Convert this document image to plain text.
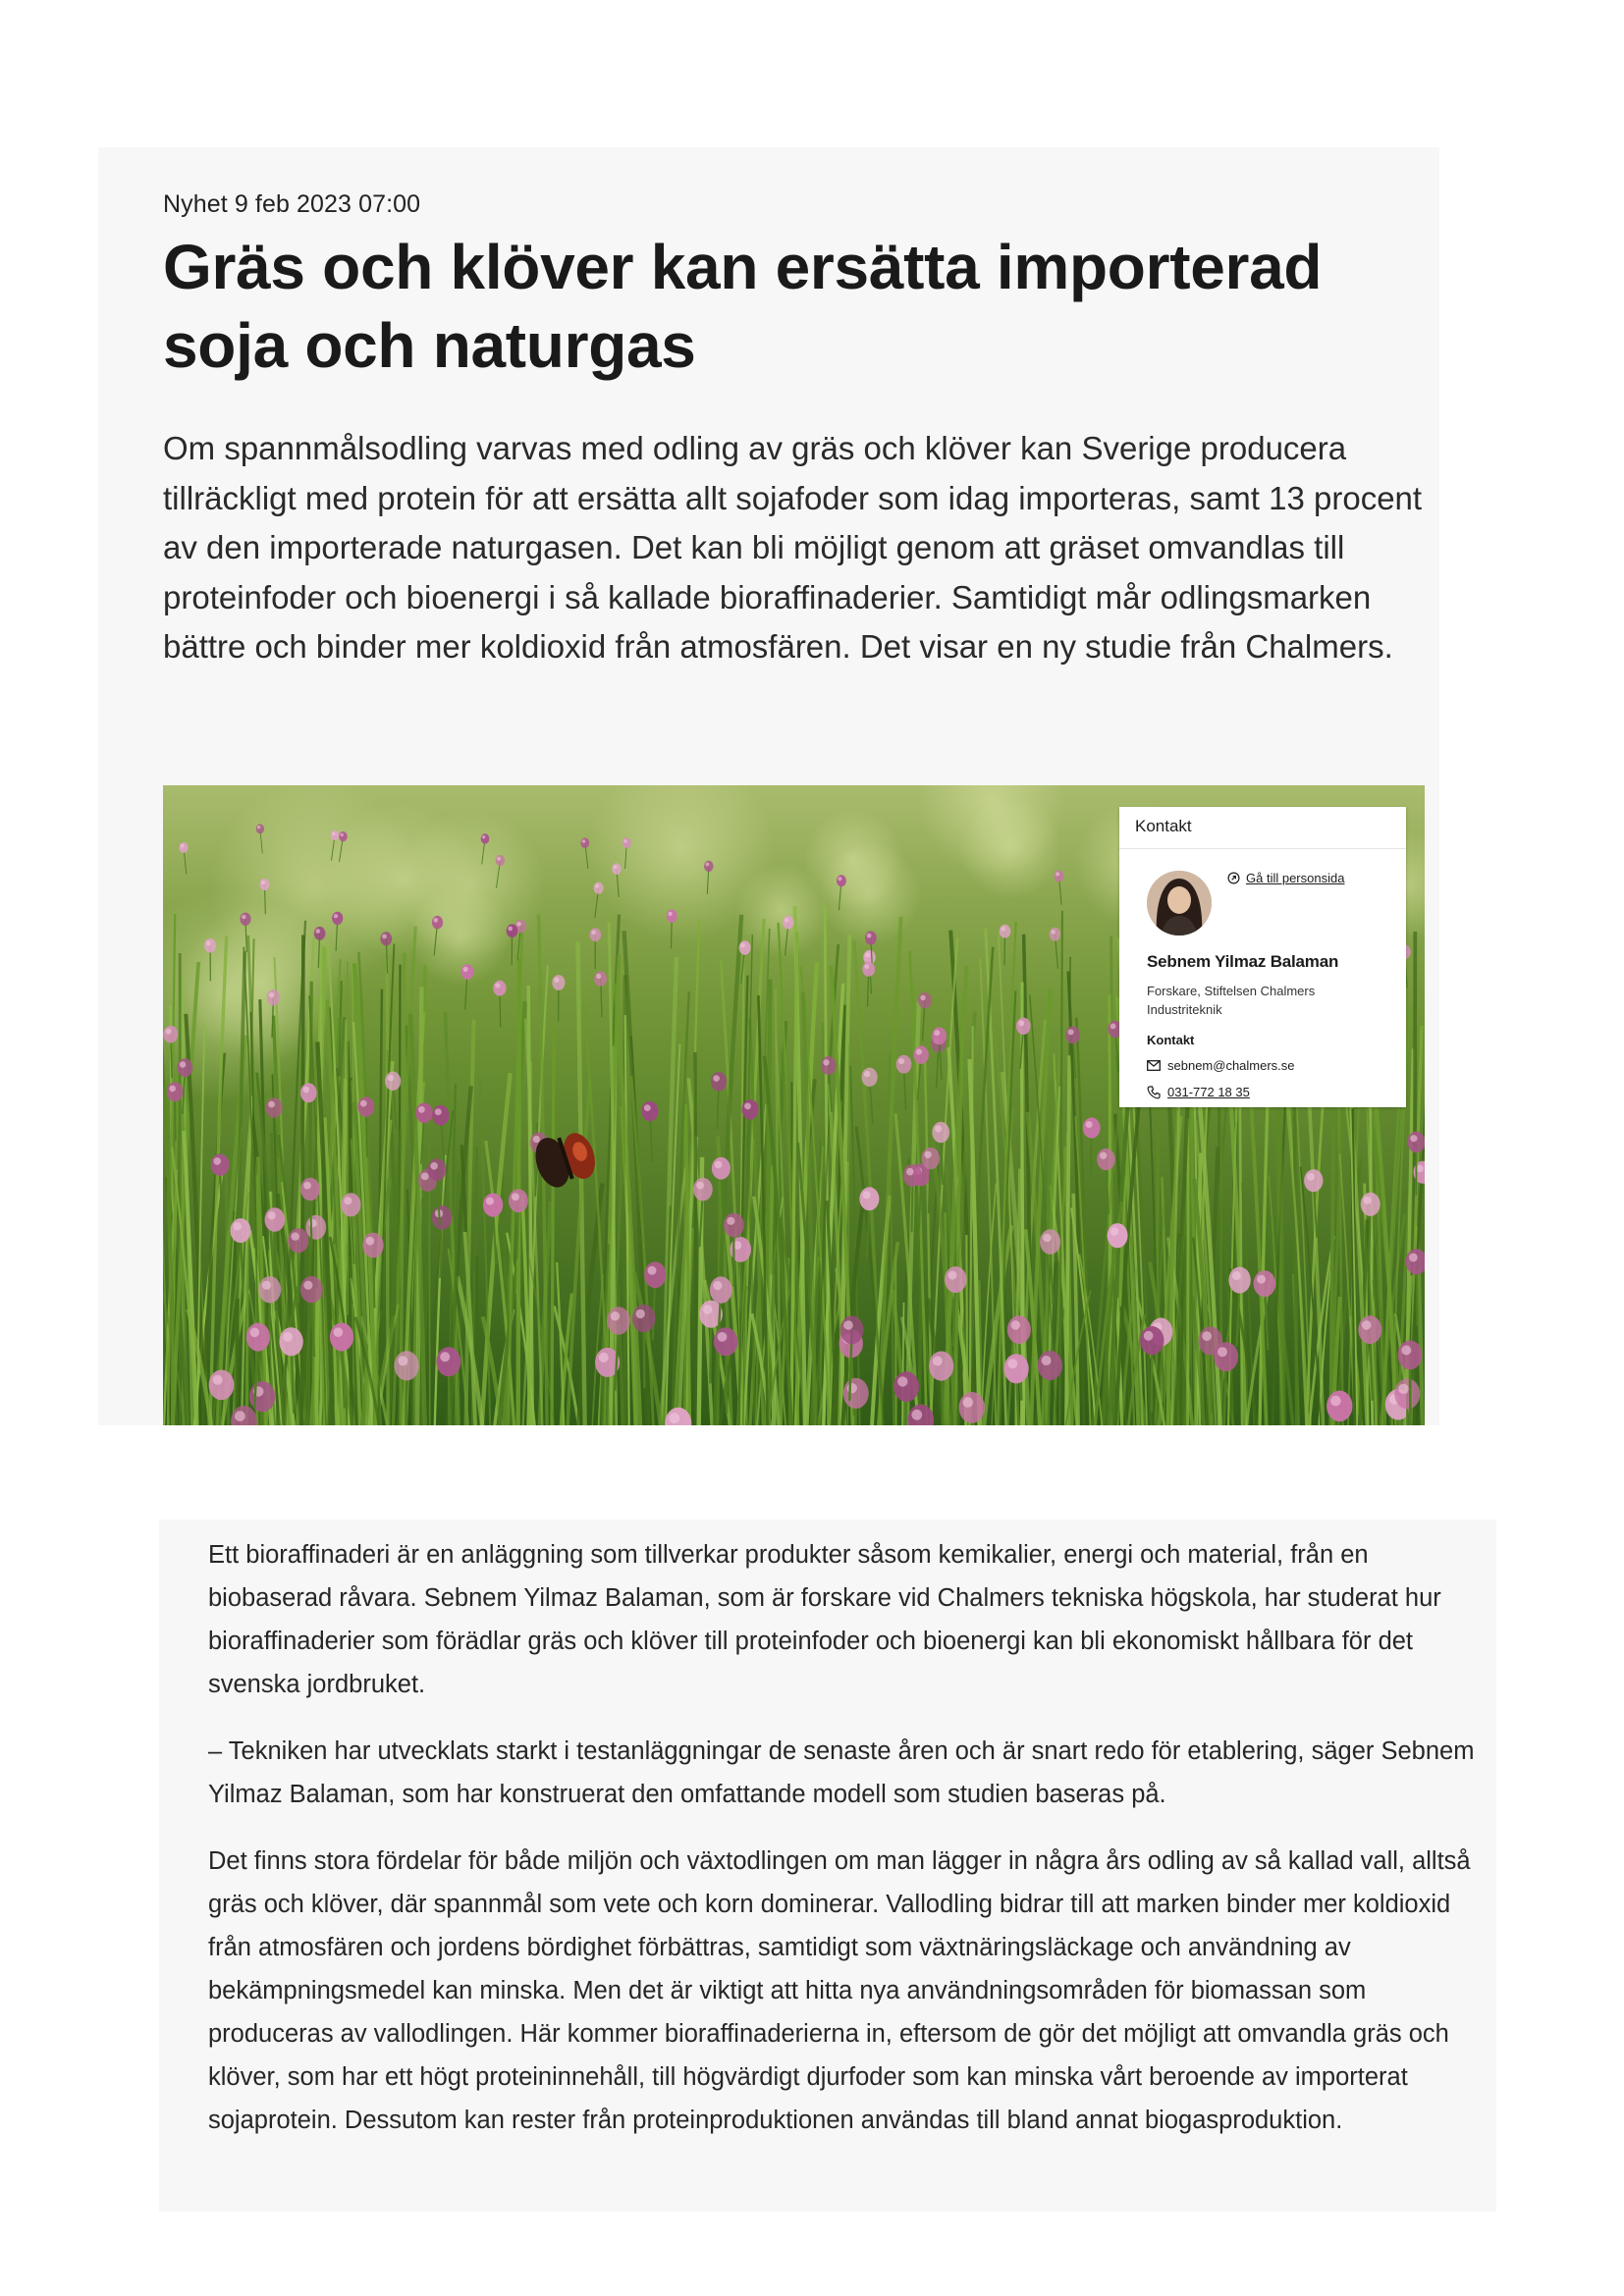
Nyhet 9 feb 2023 07:00
Gräs och klöver kan ersätta importerad soja och naturgas

Om spannmålsodling varvas med odling av gräs och klöver kan Sverige producera tillräckligt med protein för att ersätta allt sojafoder som idag importeras, samt 13 procent av den importerade naturgasen. Det kan bli möjligt genom att gräset omvandlas till proteinfoder och bioenergi i så kallade bioraffinaderier. Samtidigt mår odlingsmarken bättre och binder mer koldioxid från atmosfären. Det visar en ny studie från Chalmers.

Kontakt
Gå till personsida
Sebnem Yilmaz Balaman
Forskare, Stiftelsen Chalmers Industriteknik
Kontakt
sebnem@chalmers.se
031-772 18 35

Ett bioraffinaderi är en anläggning som tillverkar produkter såsom kemikalier, energi och material, från en biobaserad råvara. Sebnem Yilmaz Balaman, som är forskare vid Chalmers tekniska högskola, har studerat hur bioraffinaderier som förädlar gräs och klöver till proteinfoder och bioenergi kan bli ekonomiskt hållbara för det svenska jordbruket.

– Tekniken har utvecklats starkt i testanläggningar de senaste åren och är snart redo för etablering, säger Sebnem Yilmaz Balaman, som har konstruerat den omfattande modell som studien baseras på.

Det finns stora fördelar för både miljön och växtodlingen om man lägger in några års odling av så kallad vall, alltså gräs och klöver, där spannmål som vete och korn dominerar. Vallodling bidrar till att marken binder mer koldioxid från atmosfären och jordens bördighet förbättras, samtidigt som växtnäringsläckage och användning av bekämpningsmedel kan minska. Men det är viktigt att hitta nya användningsområden för biomassan som produceras av vallodlingen. Här kommer bioraffinaderierna in, eftersom de gör det möjligt att omvandla gräs och klöver, som har ett högt proteininnehåll, till högvärdigt djurfoder som kan minska vårt beroende av importerat sojaprotein. Dessutom kan rester från proteinproduktionen användas till bland annat biogasproduktion.
